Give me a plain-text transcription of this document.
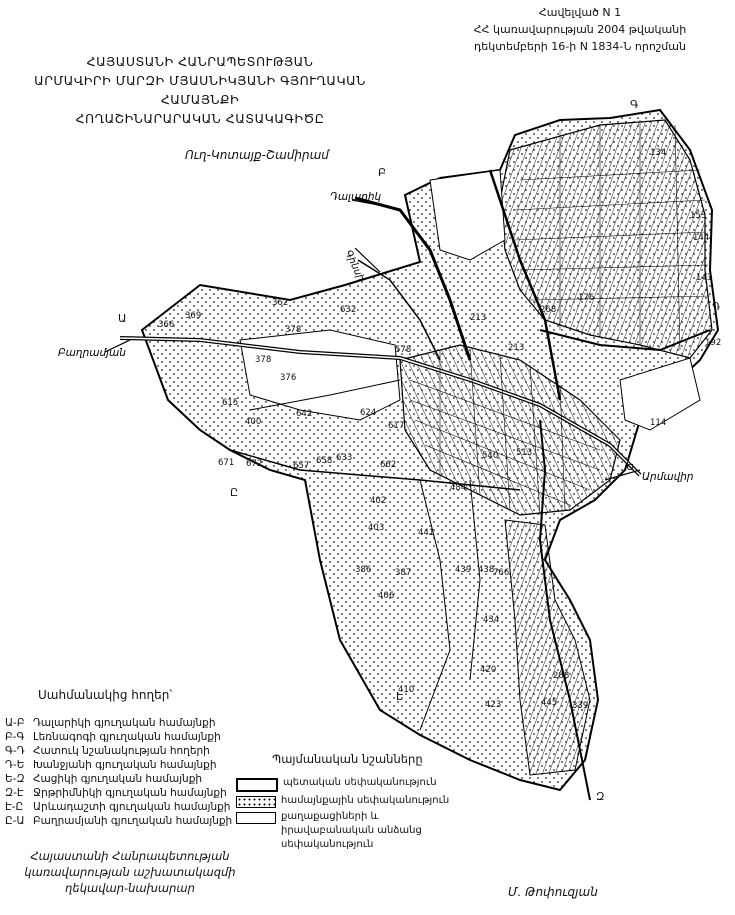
Հավելված N 1
ՀՀ կառավարության 2004 թվականի
դեկտեմբերի 16-ի N 1834-Ն որոշման
ՀԱՅԱՍՏԱՆԻ ՀԱՆՐԱՊԵՏՈՒԹՅԱՆ
ԱՐՄԱՎԻՐԻ ՄԱՐԶԻ ՄՅԱՍՆԻԿՅԱՆԻ ԳՅՈՒՂԱԿԱՆ ՀԱՄԱՅՆՔԻ
ՀՈՂԱՇԻՆԱՐԱՐԱԿԱՆ ՀԱՏԱԿԱԳԻԾԸ
Ուղ-Կոտայք-Շամիրամ
366
369
362
378
376
378
615
642	624
657 658 633
662
402
403
406
439
420
410
423
434
438
484
540 513
134
153
143
144
192
114
176
213
213
632
671 672
400	617
578
386	387
441
268
766
339
445
288
Ա
Բ
Գ
Դ
Ե
Զ
Է
Ը
Դալարիկ
Գինսի
Բաղրամյան
Արմավիր
Սահմանակից հողեր՝
Ա-Բ Դալարիկի գյուղական համայնքի
Բ-Գ Լեռնագոգի գյուղական համայնքի
Գ-Դ Հատուկ նշանակության հողերի
Դ-Ե Խանջյանի գյուղական համայնքի
Ե-Զ Հացիկի գյուղական համայնքի
Զ-Է Ջրթրիմնիկի գյուղական համայնքի
Է-Ը Արևադաշտի գյուղական համայնքի
Ը-Ա Բաղրամյանի գյուղական համայնքի
Պայմանական նշանները
պետական սեփականություն
համայնքային սեփականություն
քաղաքացիների և իրավաբանական անձանց սեփականություն
Հայաստանի Հանրապետության
կառավարության աշխատակազմի
ղեկավար-նախարար	Մ. Թոփուզյան
